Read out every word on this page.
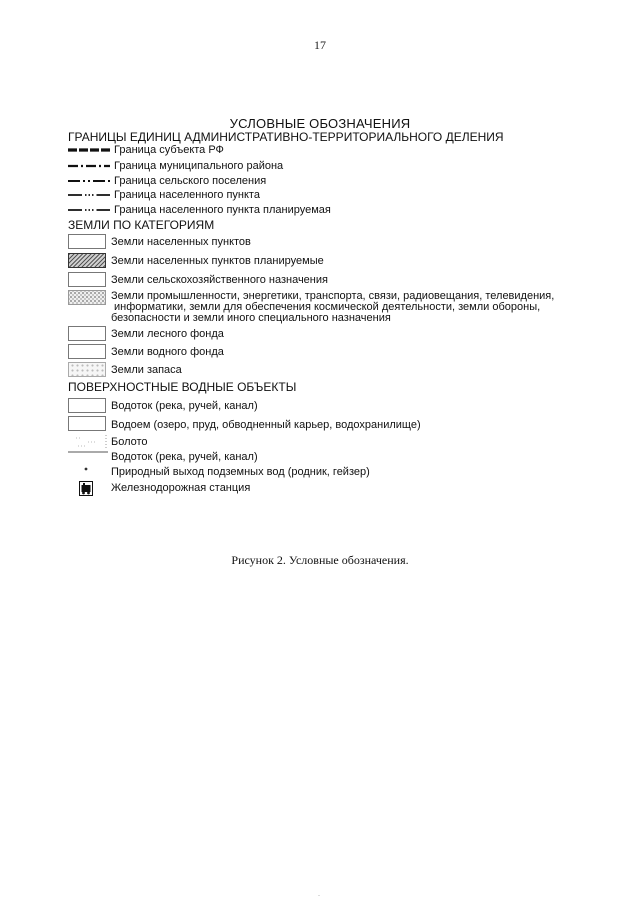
17
УСЛОВНЫЕ ОБОЗНАЧЕНИЯ
ГРАНИЦЫ ЕДИНИЦ АДМИНИСТРАТИВНО-ТЕРРИТОРИАЛЬНОГО ДЕЛЕНИЯ
Граница субъекта РФ
Граница муниципального района
Граница сельского поселения
Граница населенного пункта
Граница населенного пункта планируемая
ЗЕМЛИ ПО КАТЕГОРИЯМ
Земли населенных пунктов
Земли населенных пунктов планируемые
Земли сельскохозяйственного назначения
Земли промышленности, энергетики, транспорта, связи, радиовещания, телевидения,
информатики, земли для обеспечения космической деятельности, земли обороны,
безопасности и земли иного специального назначения
Земли лесного фонда
Земли водного фонда
Земли запаса
ПОВЕРХНОСТНЫЕ ВОДНЫЕ ОБЪЕКТЫ
Водоток (река, ручей, канал)
Водоем (озеро, пруд, обводненный карьер, водохранилище)
Болото
Водоток (река, ручей, канал)
Природный выход подземных вод (родник, гейзер)
Железнодорожная станция
Рисунок 2. Условные обозначения.
